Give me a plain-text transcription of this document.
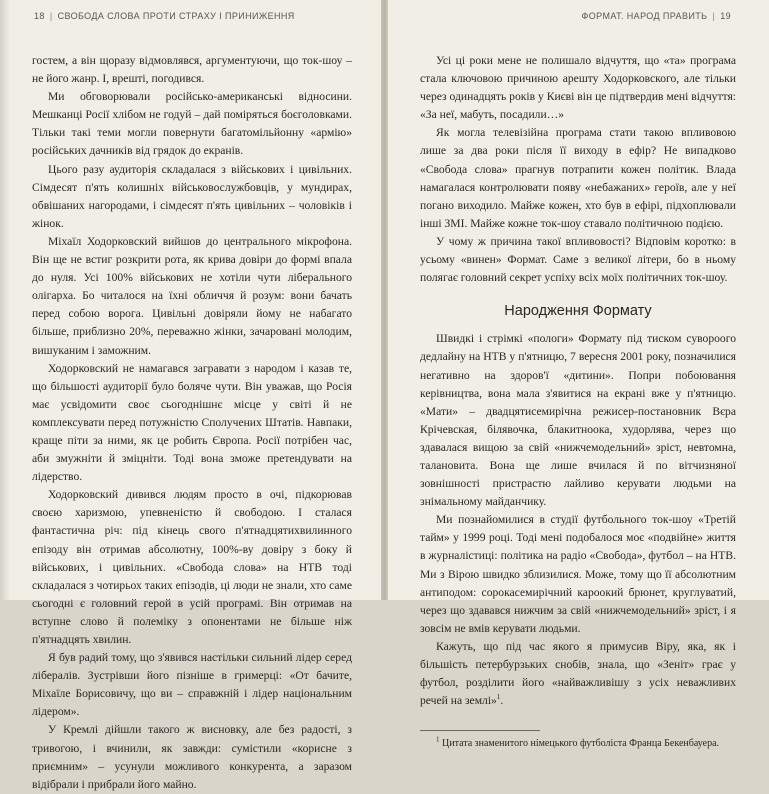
18 | СВОБОДА СЛОВА ПРОТИ СТРАХУ І ПРИНИЖЕННЯ

гостем, а він щоразу відмовлявся, аргументуючи, що ток-шоу – не його жанр. І, врешті, погодився.

Ми обговорювали російсько-американські відносини. Мешканці Росії хлібом не годуй – дай поміряться боєголовками. Тільки такі теми могли повернути багатомільйонну «армію» російських дачників від грядок до екранів.

Цього разу аудиторія складалася з військових і цивільних. Сімдесят п'ять колишніх військовослужбовців, у мундирах, обвішаних нагородами, і сімдесят п'ять цивільних – чоловіків і жінок.

Міхаїл Ходорковский вийшов до центрального мікрофона. Він ще не встиг розкрити рота, як крива довіри до формі впала до нуля. Усі 100% військових не хотіли чути ліберального олігарха. Бо читалося на їхні обличчя й розум: вони бачать перед собою ворога. Цивільні довіряли йому не набагато більше, приблизно 20%, переважно жінки, зачаровані молодим, вишуканим і заможним.

Ходорковский не намагався загравати з народом і казав те, що більшості аудиторії було боляче чути. Він уважав, що Росія має усвідомити своє сьогоднішнє місце у світі й не комплексувати перед потужністю Сполучених Штатів. Навпаки, краще піти за ними, як це робить Європа. Росії потрібен час, аби змужніти й зміцніти. Тоді вона зможе претендувати на лідерство.

Ходорковский дивився людям просто в очі, підкорював своєю харизмою, упевненістю й свободою. І сталася фантастична річ: під кінець свого п'ятнадцятихвилинного епізоду він отримав абсолютну, 100%-ву довіру з боку й військових, і цивільних. «Свобода слова» на НТВ тоді складалася з чотирьох таких епізодів, ці люди не знали, хто саме сьогодні є головний герой в усій програмі. Він отримав на вступне слово й полеміку з опонентами не більше ніж п'ятнадцять хвилин.

Я був радий тому, що з'явився настільки сильний лідер серед лібералів. Зустрівши його пізніше в гримерці: «От бачите, Міхаїле Борисовичу, що ви – справжній і лідер національним лідером».

У Кремлі дійшли такого ж висновку, але без радості, з тривогою, і вчинили, як завжди: сумістили «корисне з приємним» – усунули можливого конкурента, а заразом відібрали і прибрали його майно.

ФОРМАТ. НАРОД ПРАВИТЬ | 19

Усі ці роки мене не полишало відчуття, що «та» програма стала ключовою причиною арешту Ходорковского, але тільки через одинадцять років у Києві він це підтвердив мені відчуття: «За неї, мабуть, посадили…»

Як могла телевізійна програма стати такою впливовою лише за два роки після її виходу в ефір? Не випадково «Свобода слова» прагнув потрапити кожен політик. Влада намагалася контролювати появу «небажаних» героїв, але у неї погано виходило. Майже кожен, хто був в ефірі, підхоплювали інші ЗМІ. Майже кожне ток-шоу ставало політичною подією.

У чому ж причина такої впливовості? Відповім коротко: в усьому «винен» Формат. Саме з великої літери, бо в ньому полягає головний секрет успіху всіх моїх політичних ток-шоу.

Народження Формату

Швидкі і стрімкі «пологи» Формату під тиском сувороого дедлайну на НТВ у п'ятницю, 7 вересня 2001 року, позначилися негативно на здоров'ї «дитини». Попри побоювання керівництва, вона мала з'явитися на екрані вже у п'ятницю. «Мати» – двадцятисемирічна режисер-постановник Вєра Крічевская, білявочка, блакитноока, худорлява, через що здавалася вищою за свій «нижчемодельний» зріст, невтомна, талановита. Вона ще лише вчилася й по вітчизняної зовнішності пристрастю лайливо керувати людьми на знімальному майданчику.

Ми познайомилися в студії футбольного ток-шоу «Третій тайм» у 1999 році. Тоді мені подобалося моє «подвійне» життя в журналістиці: політика на радіо «Свобода», футбол – на НТВ. Ми з Вірою швидко зблизилися. Може, тому що її абсолютним антиподом: сорокасемирічний кароокий брюнет, круглуватий, через що здавався нижчим за свій «нижчемодельний» зріст, і я зовсім не вмів керувати людьми.

Кажуть, що під час якого я примусив Віру, яка, як і більшість петербурзьких снобів, знала, що «Зеніт» грає у футбол, розділити його «найважливішу з усіх неважливих речей на землі»$^1$.

$^1$ Цитата знаменитого німецького футболіста Франца Бекенбауера.
